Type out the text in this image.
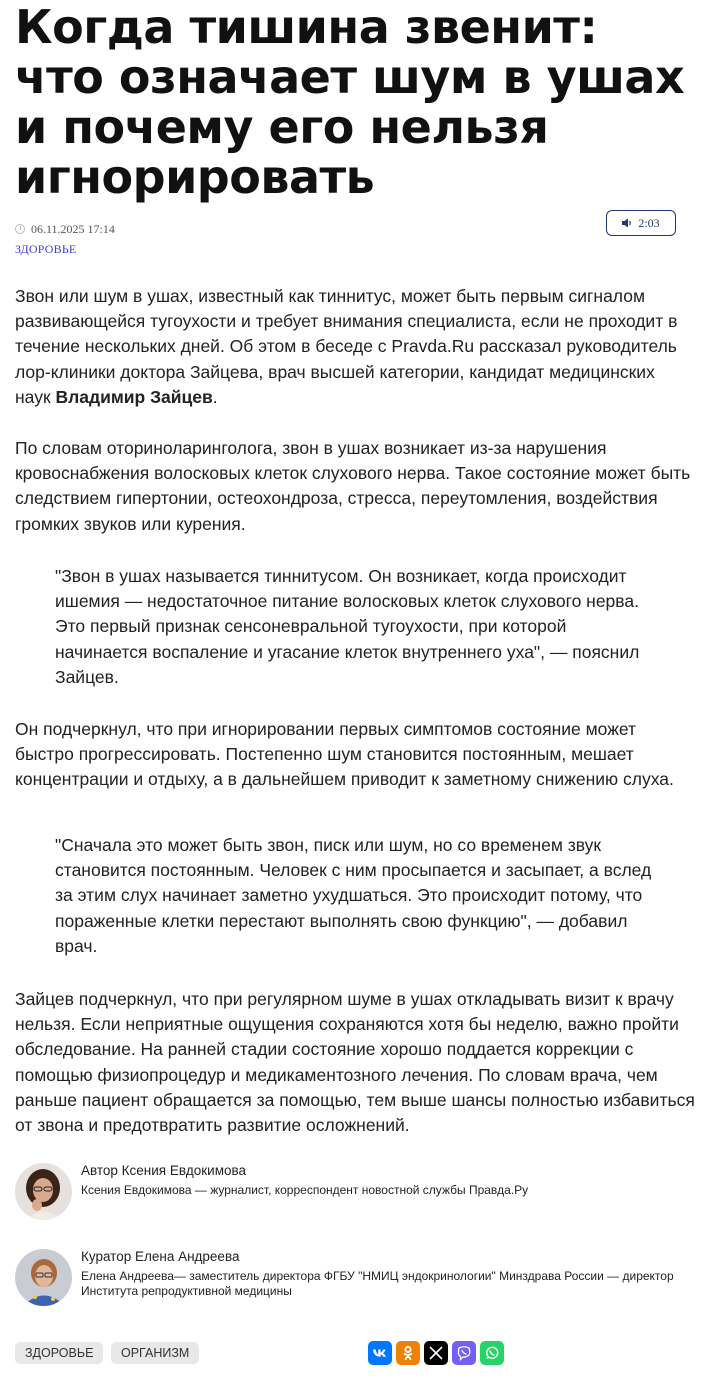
Когда тишина звенит: что означает шум в ушах и почему его нельзя игнорировать
06.11.2025 17:14
ЗДОРОВЬЕ
2:03

Звон или шум в ушах, известный как тиннитус, может быть первым сигналом развивающейся тугоухости и требует внимания специалиста, если не проходит в течение нескольких дней. Об этом в беседе с Pravda.Ru рассказал руководитель лор-клиники доктора Зайцева, врач высшей категории, кандидат медицинских наук Владимир Зайцев.

По словам оториноларинголога, звон в ушах возникает из-за нарушения кровоснабжения волосковых клеток слухового нерва. Такое состояние может быть следствием гипертонии, остеохондроза, стресса, переутомления, воздействия громких звуков или курения.

"Звон в ушах называется тиннитусом. Он возникает, когда происходит ишемия — недостаточное питание волосковых клеток слухового нерва. Это первый признак сенсоневральной тугоухости, при которой начинается воспаление и угасание клеток внутреннего уха", — пояснил Зайцев.

Он подчеркнул, что при игнорировании первых симптомов состояние может быстро прогрессировать. Постепенно шум становится постоянным, мешает концентрации и отдыху, а в дальнейшем приводит к заметному снижению слуха.

"Сначала это может быть звон, писк или шум, но со временем звук становится постоянным. Человек с ним просыпается и засыпает, а вслед за этим слух начинает заметно ухудшаться. Это происходит потому, что пораженные клетки перестают выполнять свою функцию", — добавил врач.

Зайцев подчеркнул, что при регулярном шуме в ушах откладывать визит к врачу нельзя. Если неприятные ощущения сохраняются хотя бы неделю, важно пройти обследование. На ранней стадии состояние хорошо поддается коррекции с помощью физиопроцедур и медикаментозного лечения. По словам врача, чем раньше пациент обращается за помощью, тем выше шансы полностью избавиться от звона и предотвратить развитие осложнений.

Автор Ксения Евдокимова
Ксения Евдокимова — журналист, корреспондент новостной службы Правда.Ру
Куратор Елена Андреева
Елена Андреева— заместитель директора ФГБУ "НМИЦ эндокринологии" Минздрава России — директор Института репродуктивной медицины
ЗДОРОВЬЕ	ОРГАНИЗМ
